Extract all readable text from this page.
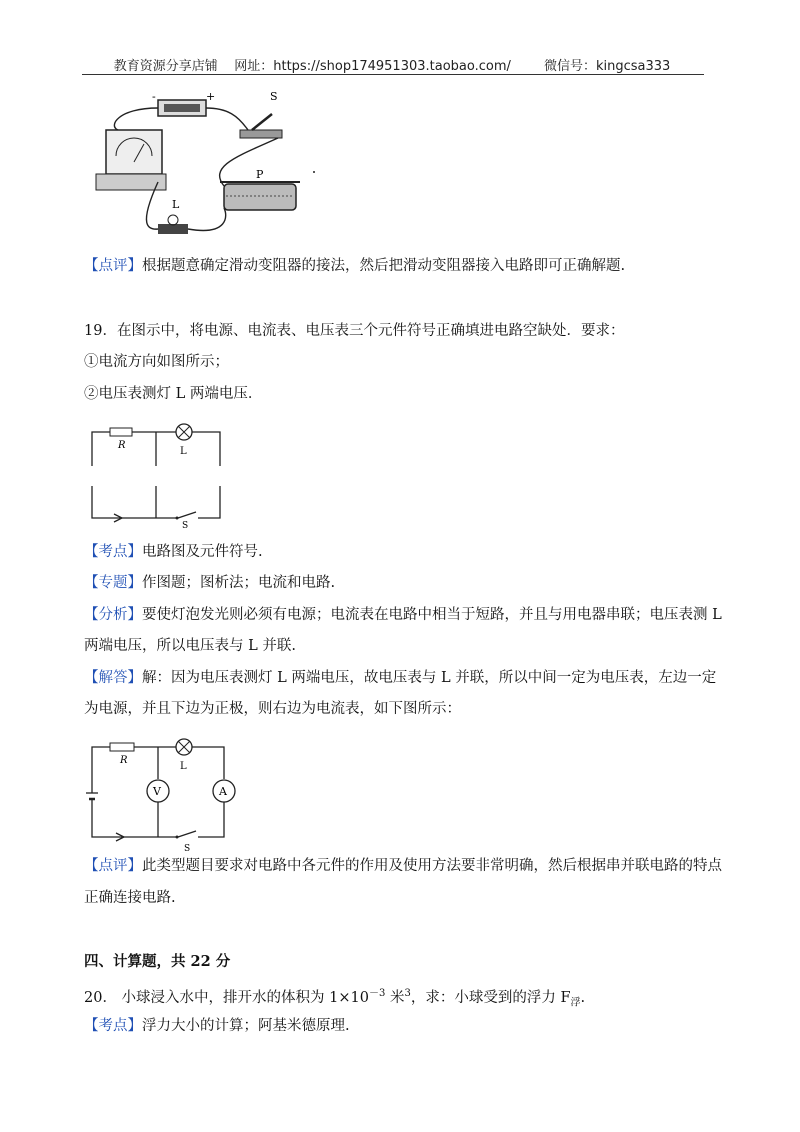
教育资源分享店铺 网址：https://shop174951303.taobao.com/	微信号：kingcsa333
-	+	S
P
L
【点评】根据题意确定滑动变阻器的接法，然后把滑动变阻器接入电路即可正确解题.
19．在图示中，将电源、电流表、电压表三个元件符号正确填进电路空缺处．要求：
①电流方向如图所示；
②电压表测灯 L 两端电压．
R
L
S
【考点】电路图及元件符号.
【专题】作图题；图析法；电流和电路.
【分析】要使灯泡发光则必须有电源；电流表在电路中相当于短路，并且与用电器串联；电压表测 L
两端电压，所以电压表与 L 并联.
【解答】解：因为电压表测灯 L 两端电压，故电压表与 L 并联，所以中间一定为电压表，左边一定
为电源，并且下边为正极，则右边为电流表，如下图所示：
A
V
R
L
S
【点评】此类型题目要求对电路中各元件的作用及使用方法要非常明确，然后根据串并联电路的特点
正确连接电路.
四、计算题，共 22 分
20． 小球浸入水中，排开水的体积为 $1\times 10^{-3}$ 米$^3$，求：小球受到的浮力 $F_浮$.
【考点】浮力大小的计算；阿基米德原理.
